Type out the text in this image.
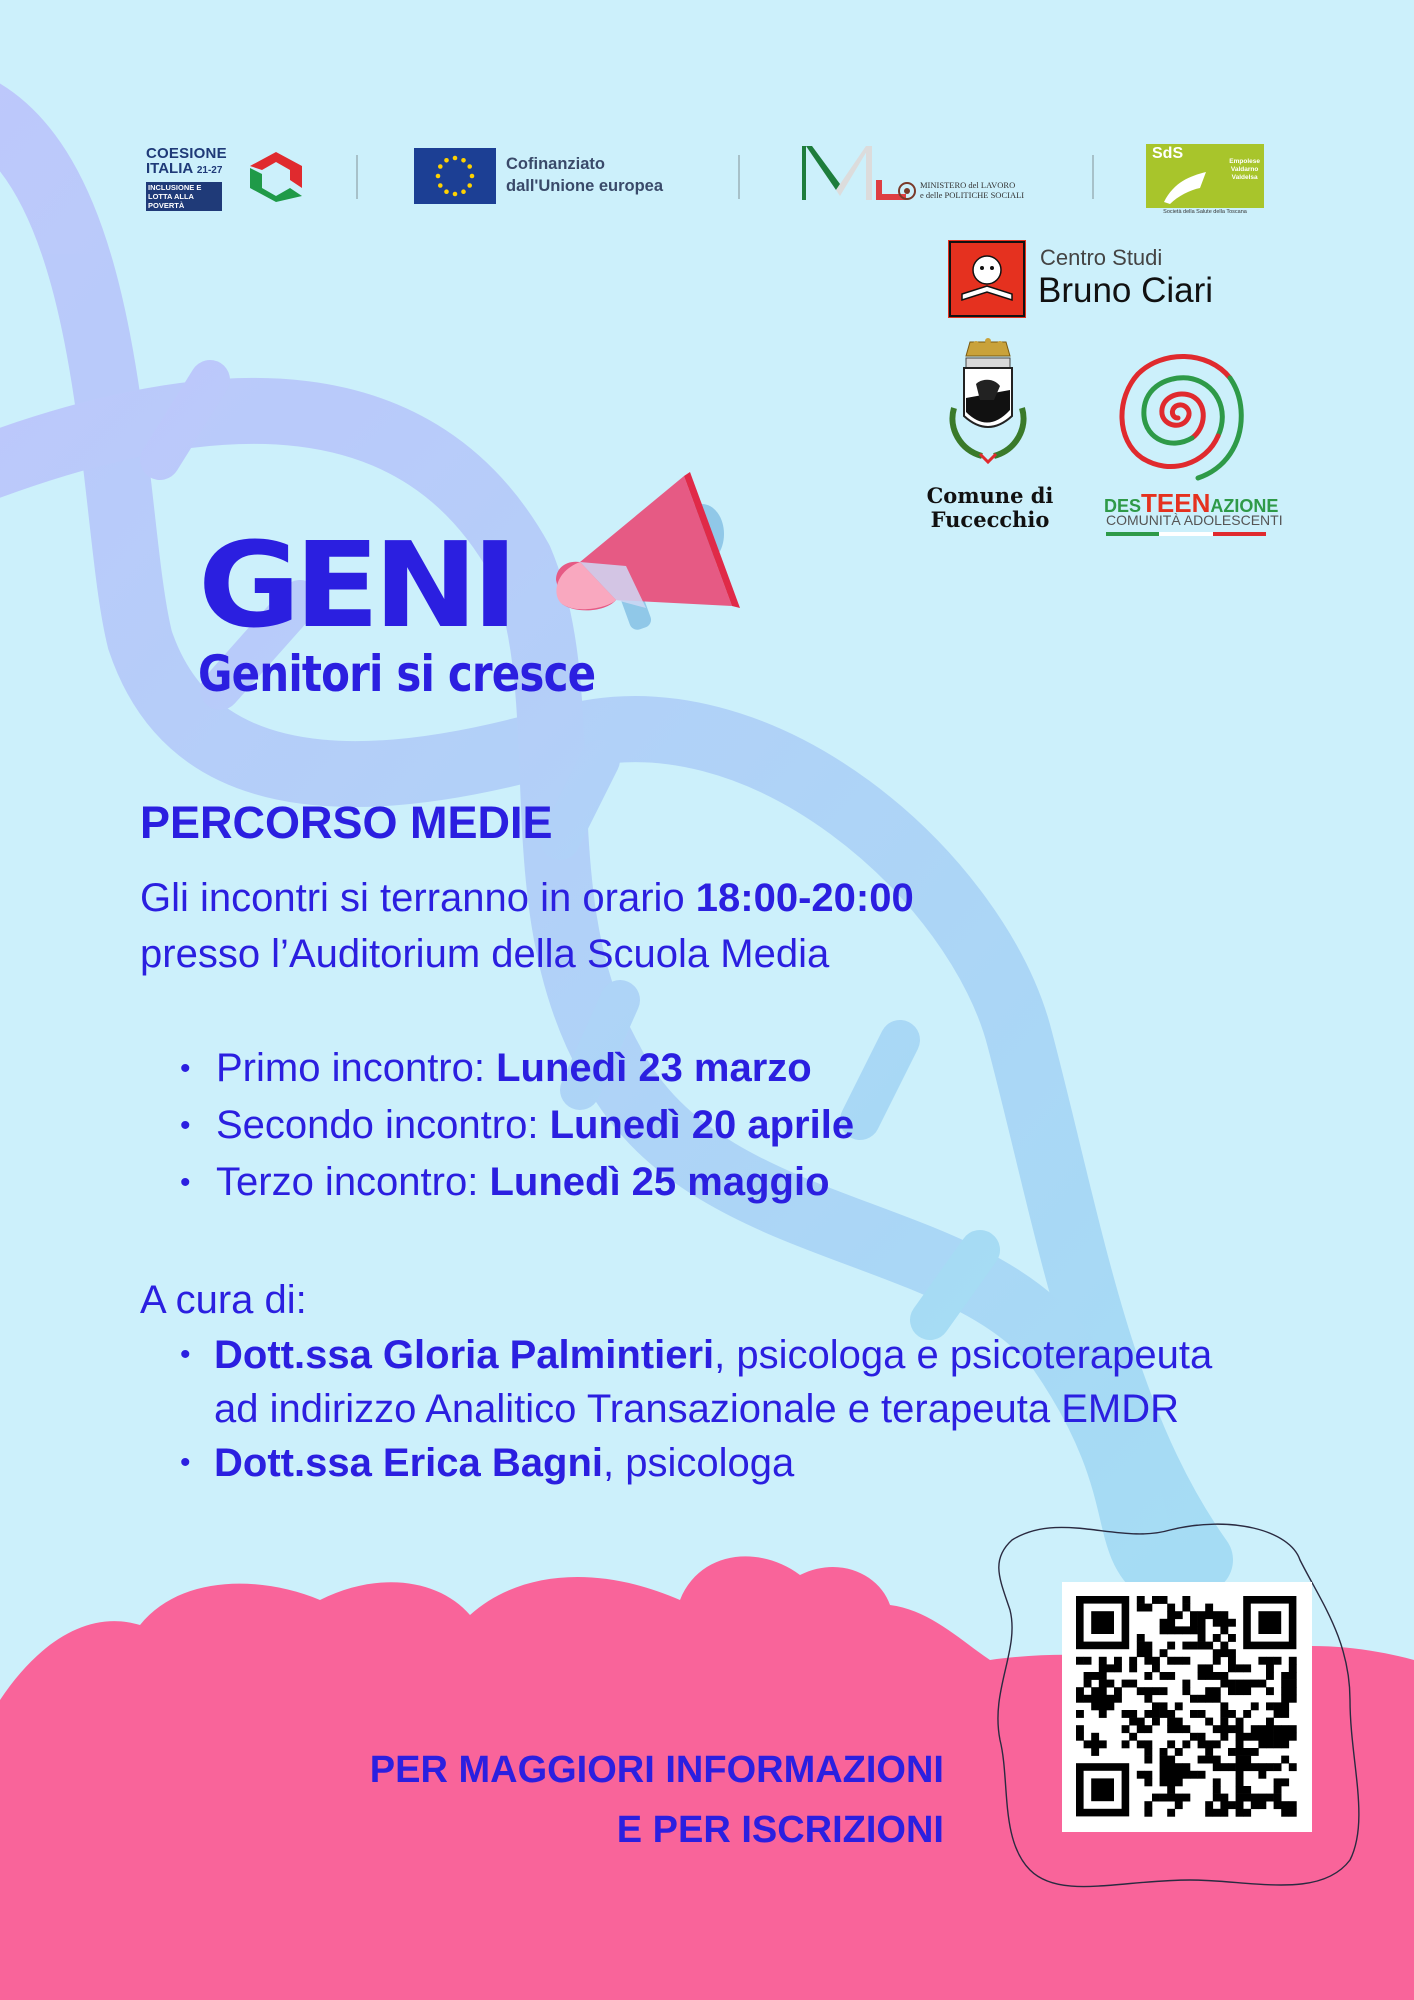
COESIONE
ITALIA 21-27
INCLUSIONE E LOTTA ALLA POVERTÀ
Cofinanziato
dall'Unione europea	MINISTERO del LAVORO
e delle POLITICHE SOCIALI
SdS	Empolese
Valdarno
Valdelsa
Società della Salute della Toscana
Centro Studi
Bruno Ciari
Comune di
Fucecchio
DESTEENAZIONE
COMUNITÀ ADOLESCENTI
GENI
Genitori si cresce
PERCORSO MEDIE
Gli incontri si terranno in orario 18:00-20:00
presso l’Auditorium della Scuola Media
• Primo incontro: Lunedì 23 marzo
• Secondo incontro: Lunedì 20 aprile
• Terzo incontro: Lunedì 25 maggio
A cura di:
• Dott.ssa Gloria Palmintieri, psicologa e psicoterapeuta
ad indirizzo Analitico Transazionale e terapeuta EMDR
• Dott.ssa Erica Bagni, psicologa
PER MAGGIORI INFORMAZIONI
E PER ISCRIZIONI
